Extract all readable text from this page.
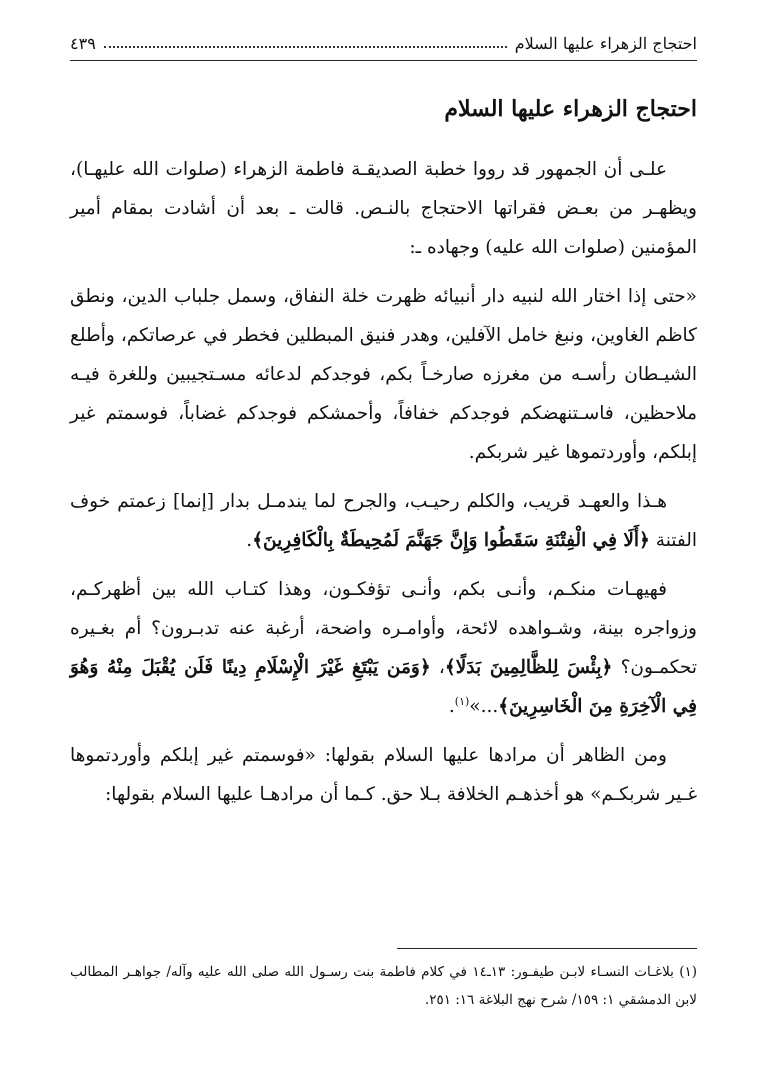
احتجاج الزهراء عليها السلام
٤٣٩
احتجاج الزهراء عليها السلام

علـى أن الجمهور قد رووا خطبة الصديقـة فاطمة الزهراء (صلوات الله عليهـا)، ويظهـر من بعـض فقراتها الاحتجاج بالنـص. قالت ـ بعد أن أشادت بمقام أمير المؤمنين (صلوات الله عليه) وجهاده ـ:

«حتى إذا اختار الله لنبيه دار أنبيائه ظهرت خلة النفاق، وسمل جلباب الدين، ونطق كاظم الغاوين، ونبغ خامل الآفلين، وهدر فنيق المبطلين فخطر في عرصاتكم، وأطلع الشيـطان رأسـه من مغرزه صارخـاً بكم، فوجدكم لدعائه مسـتجيبين وللغرة فيـه ملاحظين، فاسـتنهضكم فوجدكم خفافاً، وأحمشكم فوجدكم غضاباً، فوسمتم غير إبلكم، وأوردتموها غير شربكم.

هـذا والعهـد قريب، والكلم رحيـب، والجرح لما يندمـل بدار [إنما] زعمتم خوف الفتنة ﴿أَلَا فِي الْفِتْنَةِ سَقَطُوا وَإِنَّ جَهَنَّمَ لَمُحِيطَةٌ بِالْكَافِرِينَ﴾.

فهيهـات منكـم، وأنـى بكم، وأنـى تؤفكـون، وهذا كتـاب الله بين أظهركـم، وزواجره بينة، وشـواهده لائحة، وأوامـره واضحة، أرغبة عنه تدبـرون؟ أم بغـيره تحكمـون؟ ﴿بِئْسَ لِلظَّالِمِينَ بَدَلًا﴾، ﴿وَمَن يَبْتَغِ غَيْرَ الْإِسْلَامِ دِينًا فَلَن يُقْبَلَ مِنْهُ وَهُوَ فِي الْآخِرَةِ مِنَ الْخَاسِرِينَ﴾...»$^{(١)}$.

ومن الظاهر أن مرادها عليها السلام بقولها: «فوسمتم غير إبلكم وأوردتموها غـير شربكـم» هو أخذهـم الخلافة بـلا حق. كـما أن مرادهـا عليها السلام بقولها:

(١) بلاغـات النسـاء لابـن طيفـور: ١٣ـ١٤ في كلام فاطمة بنت رسـول الله صلى الله عليه وآله/ جواهـر المطالب لابن الدمشقي ١: ١٥٩/ شرح نهج البلاغة ١٦: ٢٥١.
